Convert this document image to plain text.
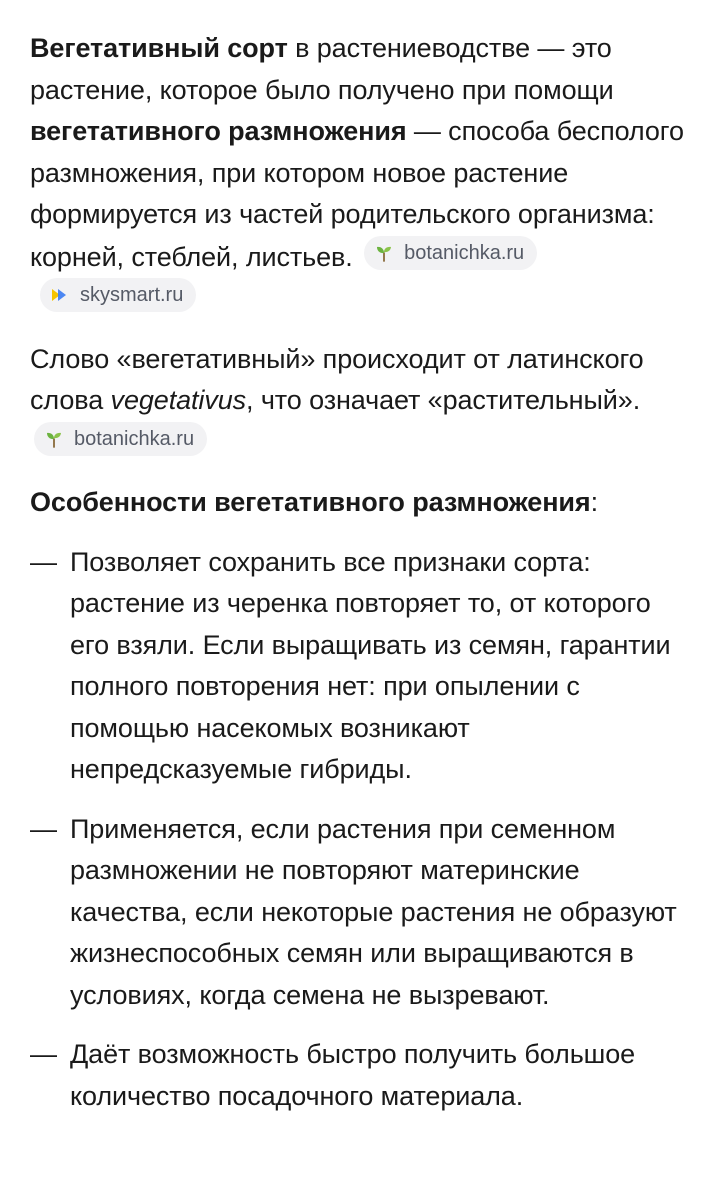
Вегетативный сорт в растениеводстве — это растение, которое было получено при помощи вегетативного размножения — способа бесполого размножения, при котором новое растение формируется из частей родительского организма: корней, стеблей, листьев.	botanichka.ru
skysmart.ru

Слово «вегетативный» происходит от латинского слова vegetativus, что означает «растительный».
botanichka.ru

Особенности вегетативного размножения:

— Позволяет сохранить все признаки сорта: растение из черенка повторяет то, от которого его взяли. Если выращивать из семян, гарантии полного повторения нет: при опылении с помощью насекомых возникают непредсказуемые гибриды.
— Применяется, если растения при семенном размножении не повторяют материнские качества, если некоторые растения не образуют жизнеспособных семян или выращиваются в условиях, когда семена не вызревают.
— Даёт возможность быстро получить большое количество посадочного материала.
